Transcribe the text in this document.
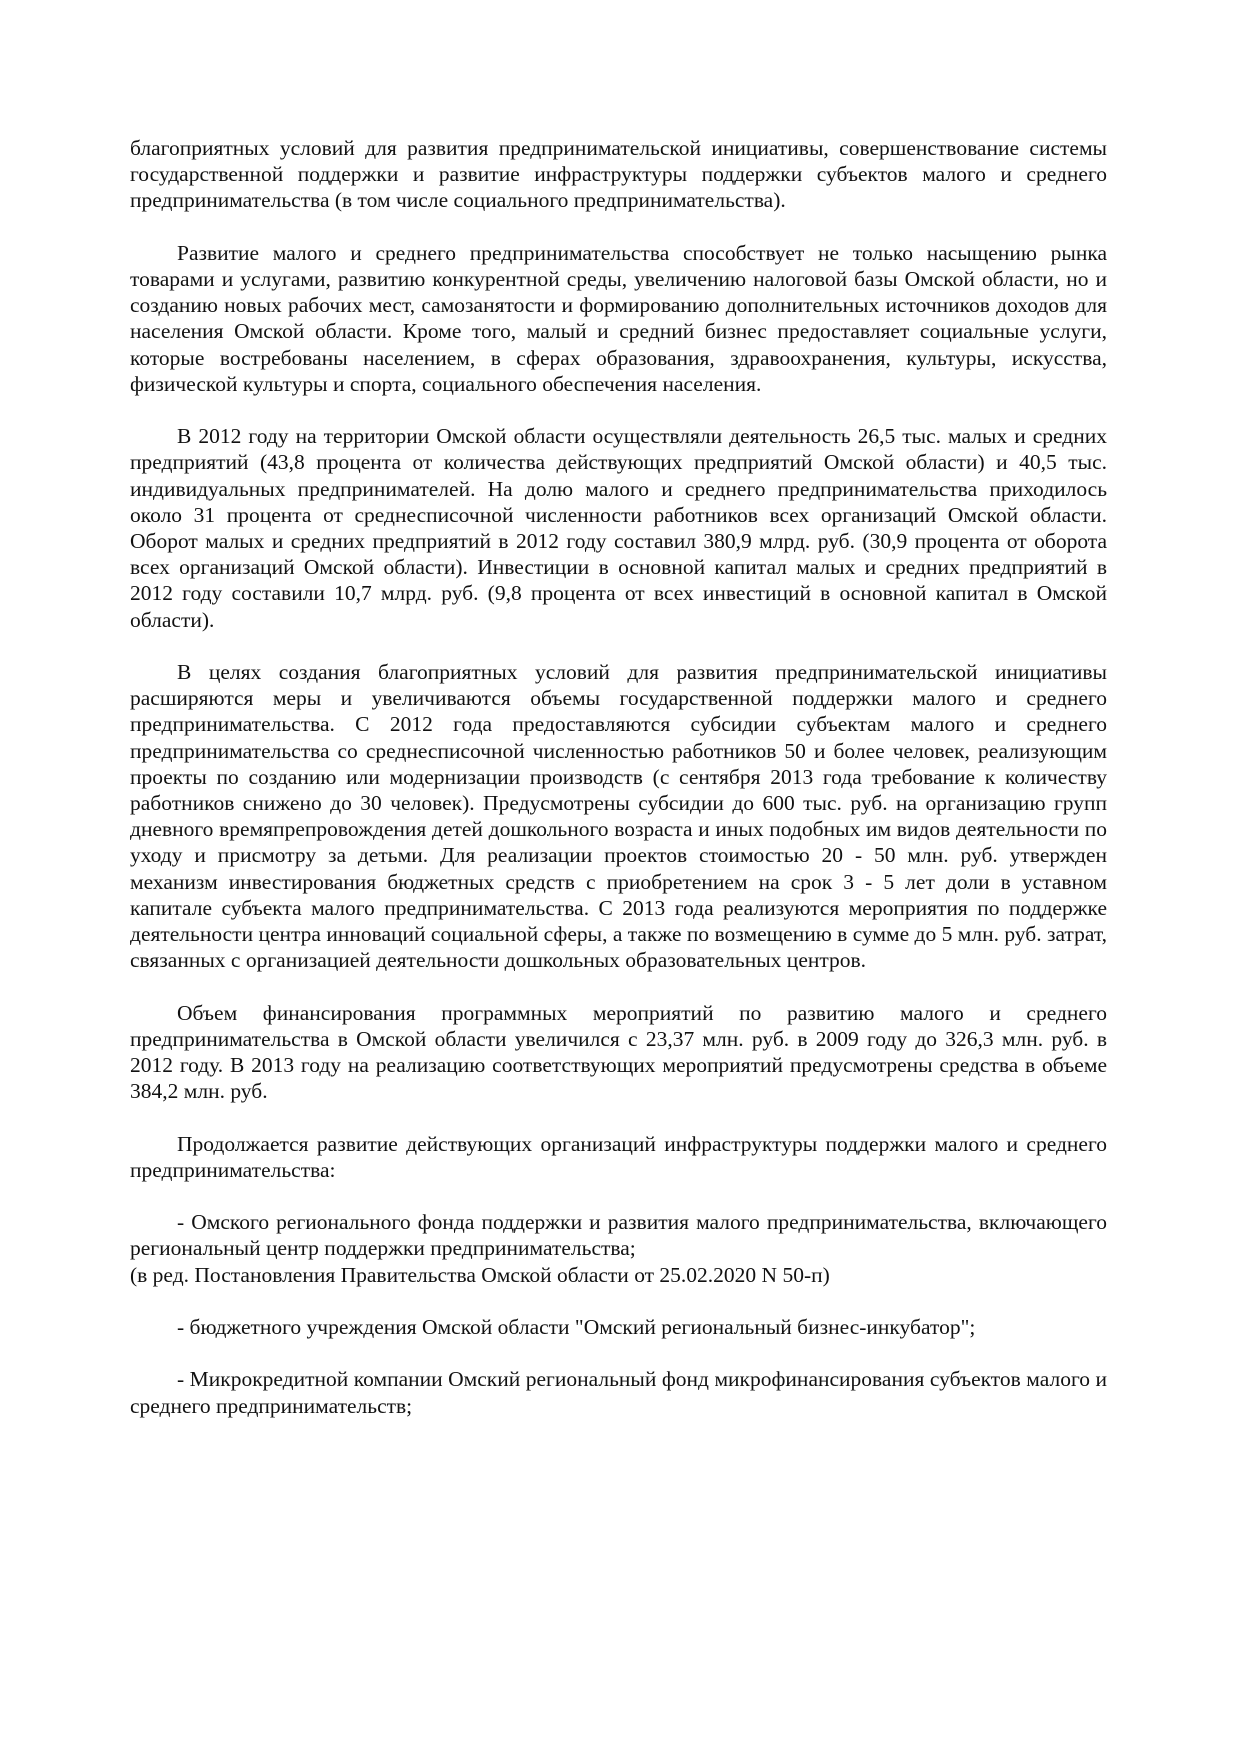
благоприятных условий для развития предпринимательской инициативы, совершенствование системы государственной поддержки и развитие инфраструктуры поддержки субъектов малого и среднего предпринимательства (в том числе социального предпринимательства).

Развитие малого и среднего предпринимательства способствует не только насыщению рынка товарами и услугами, развитию конкурентной среды, увеличению налоговой базы Омской области, но и созданию новых рабочих мест, самозанятости и формированию дополнительных источников доходов для населения Омской области. Кроме того, малый и средний бизнес предоставляет социальные услуги, которые востребованы населением, в сферах образования, здравоохранения, культуры, искусства, физической культуры и спорта, социального обеспечения населения.

В 2012 году на территории Омской области осуществляли деятельность 26,5 тыс. малых и средних предприятий (43,8 процента от количества действующих предприятий Омской области) и 40,5 тыс. индивидуальных предпринимателей. На долю малого и среднего предпринимательства приходилось около 31 процента от среднесписочной численности работников всех организаций Омской области. Оборот малых и средних предприятий в 2012 году составил 380,9 млрд. руб. (30,9 процента от оборота всех организаций Омской области). Инвестиции в основной капитал малых и средних предприятий в 2012 году составили 10,7 млрд. руб. (9,8 процента от всех инвестиций в основной капитал в Омской области).

В целях создания благоприятных условий для развития предпринимательской инициативы расширяются меры и увеличиваются объемы государственной поддержки малого и среднего предпринимательства. С 2012 года предоставляются субсидии субъектам малого и среднего предпринимательства со среднесписочной численностью работников 50 и более человек, реализующим проекты по созданию или модернизации производств (с сентября 2013 года требование к количеству работников снижено до 30 человек). Предусмотрены субсидии до 600 тыс. руб. на организацию групп дневного времяпрепровождения детей дошкольного возраста и иных подобных им видов деятельности по уходу и присмотру за детьми. Для реализации проектов стоимостью 20 - 50 млн. руб. утвержден механизм инвестирования бюджетных средств с приобретением на срок 3 - 5 лет доли в уставном капитале субъекта малого предпринимательства. С 2013 года реализуются мероприятия по поддержке деятельности центра инноваций социальной сферы, а также по возмещению в сумме до 5 млн. руб. затрат, связанных с организацией деятельности дошкольных образовательных центров.

Объем финансирования программных мероприятий по развитию малого и среднего предпринимательства в Омской области увеличился с 23,37 млн. руб. в 2009 году до 326,3 млн. руб. в 2012 году. В 2013 году на реализацию соответствующих мероприятий предусмотрены средства в объеме 384,2 млн. руб.

Продолжается развитие действующих организаций инфраструктуры поддержки малого и среднего предпринимательства:

- Омского регионального фонда поддержки и развития малого предпринимательства, включающего региональный центр поддержки предпринимательства;

(в ред. Постановления Правительства Омской области от 25.02.2020 N 50-п)

- бюджетного учреждения Омской области "Омский региональный бизнес-инкубатор";

- Микрокредитной компании Омский региональный фонд микрофинансирования субъектов малого и среднего предпринимательств;
